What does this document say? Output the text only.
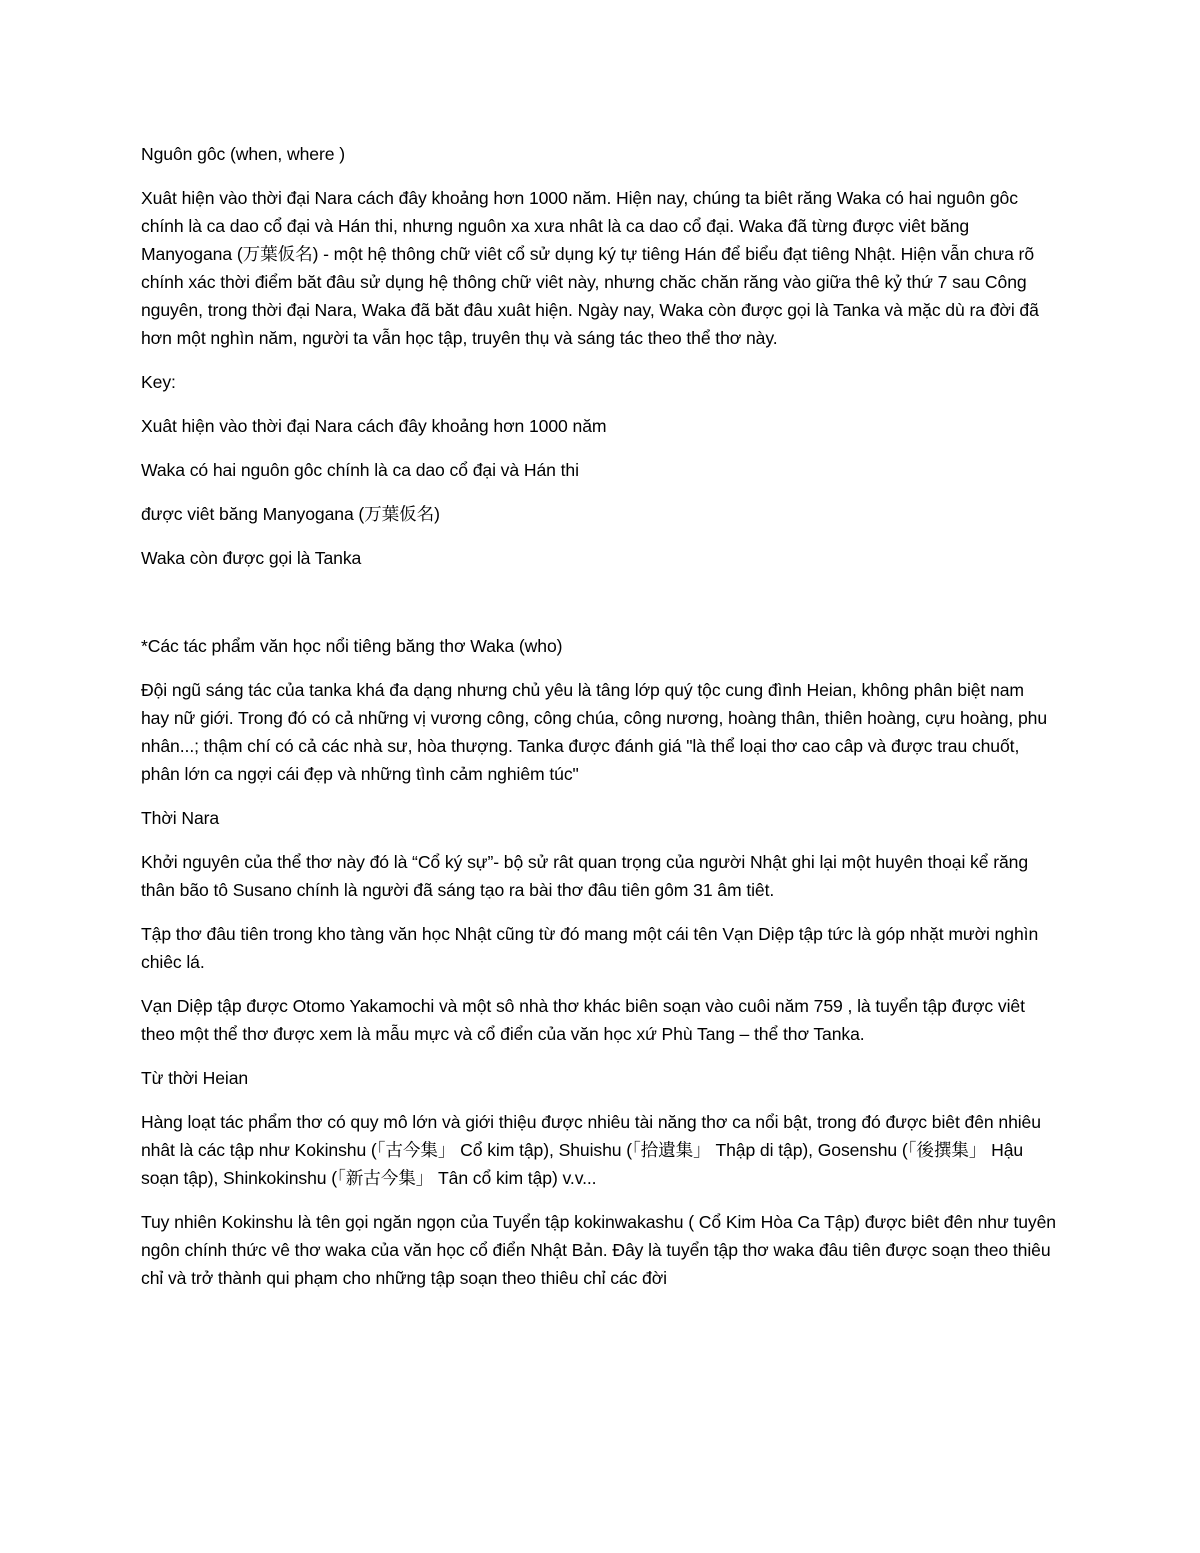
Nguôn gôc (when, where )

Xuât hiện vào thời đại Nara cách đây khoảng hơn 1000 năm. Hiện nay, chúng ta biêt răng Waka có hai nguôn gôc chính là ca dao cổ đại và Hán thi, nhưng nguôn xa xưa nhât là ca dao cổ đại. Waka đã từng được viêt băng Manyogana (万葉仮名) - một hệ thông chữ viêt cổ sử dụng ký tự tiêng Hán để biểu đạt tiêng Nhật. Hiện vẫn chưa rõ chính xác thời điểm băt đâu sử dụng hệ thông chữ viêt này, nhưng chăc chăn răng vào giữa thê kỷ thứ 7 sau Công nguyên, trong thời đại Nara, Waka đã băt đâu xuât hiện. Ngày nay, Waka còn được gọi là Tanka và mặc dù ra đời đã hơn một nghìn năm, người ta vẫn học tập, truyên thụ và sáng tác theo thể thơ này.

Key:

Xuât hiện vào thời đại Nara cách đây khoảng hơn 1000 năm

Waka có hai nguôn gôc chính là ca dao cổ đại và Hán thi

được viêt băng Manyogana (万葉仮名)

Waka còn được gọi là Tanka

*Các tác phẩm văn học nổi tiêng băng thơ Waka (who)

Đội ngũ sáng tác của tanka khá đa dạng nhưng chủ yêu là tâng lớp quý tộc cung đình Heian, không phân biệt nam hay nữ giới. Trong đó có cả những vị vương công, công chúa, công nương, hoàng thân, thiên hoàng, cựu hoàng, phu nhân...; thậm chí có cả các nhà sư, hòa thượng. Tanka được đánh giá "là thể loại thơ cao câp và được trau chuốt, phân lớn ca ngợi cái đẹp và những tình cảm nghiêm túc"

Thời Nara

Khởi nguyên của thể thơ này đó là “Cổ ký sự”- bộ sử rât quan trọng của người Nhật ghi lại một huyên thoại kể răng thân bão tô Susano chính là người đã sáng tạo ra bài thơ đâu tiên gôm 31 âm tiêt.

Tập thơ đâu tiên trong kho tàng văn học Nhật cũng từ đó mang một cái tên Vạn Diệp tập tức là góp nhặt mười nghìn chiêc lá.

Vạn Diệp tập được Otomo Yakamochi và một sô nhà thơ khác biên soạn vào cuôi năm 759 , là tuyển tập được viêt theo một thể thơ được xem là mẫu mực và cổ điển của văn học xứ Phù Tang – thể thơ Tanka.

Từ thời Heian

Hàng loạt tác phẩm thơ có quy mô lớn và giới thiệu được nhiêu tài năng thơ ca nổi bật, trong đó được biêt đên nhiêu nhât là các tập như Kokinshu (「古今集」 Cổ kim tập), Shuishu (「拾遺集」 Thập di tập), Gosenshu (「後撰集」 Hậu soạn tập), Shinkokinshu (「新古今集」 Tân cổ kim tập) v.v...

Tuy nhiên Kokinshu là tên gọi ngăn ngọn của Tuyển tập kokinwakashu ( Cổ Kim Hòa Ca Tập) được biêt đên như tuyên ngôn chính thức vê thơ waka của văn học cổ điển Nhật Bản. Đây là tuyển tập thơ waka đâu tiên được soạn theo thiêu chỉ và trở thành qui phạm cho những tập soạn theo thiêu chỉ các đời
